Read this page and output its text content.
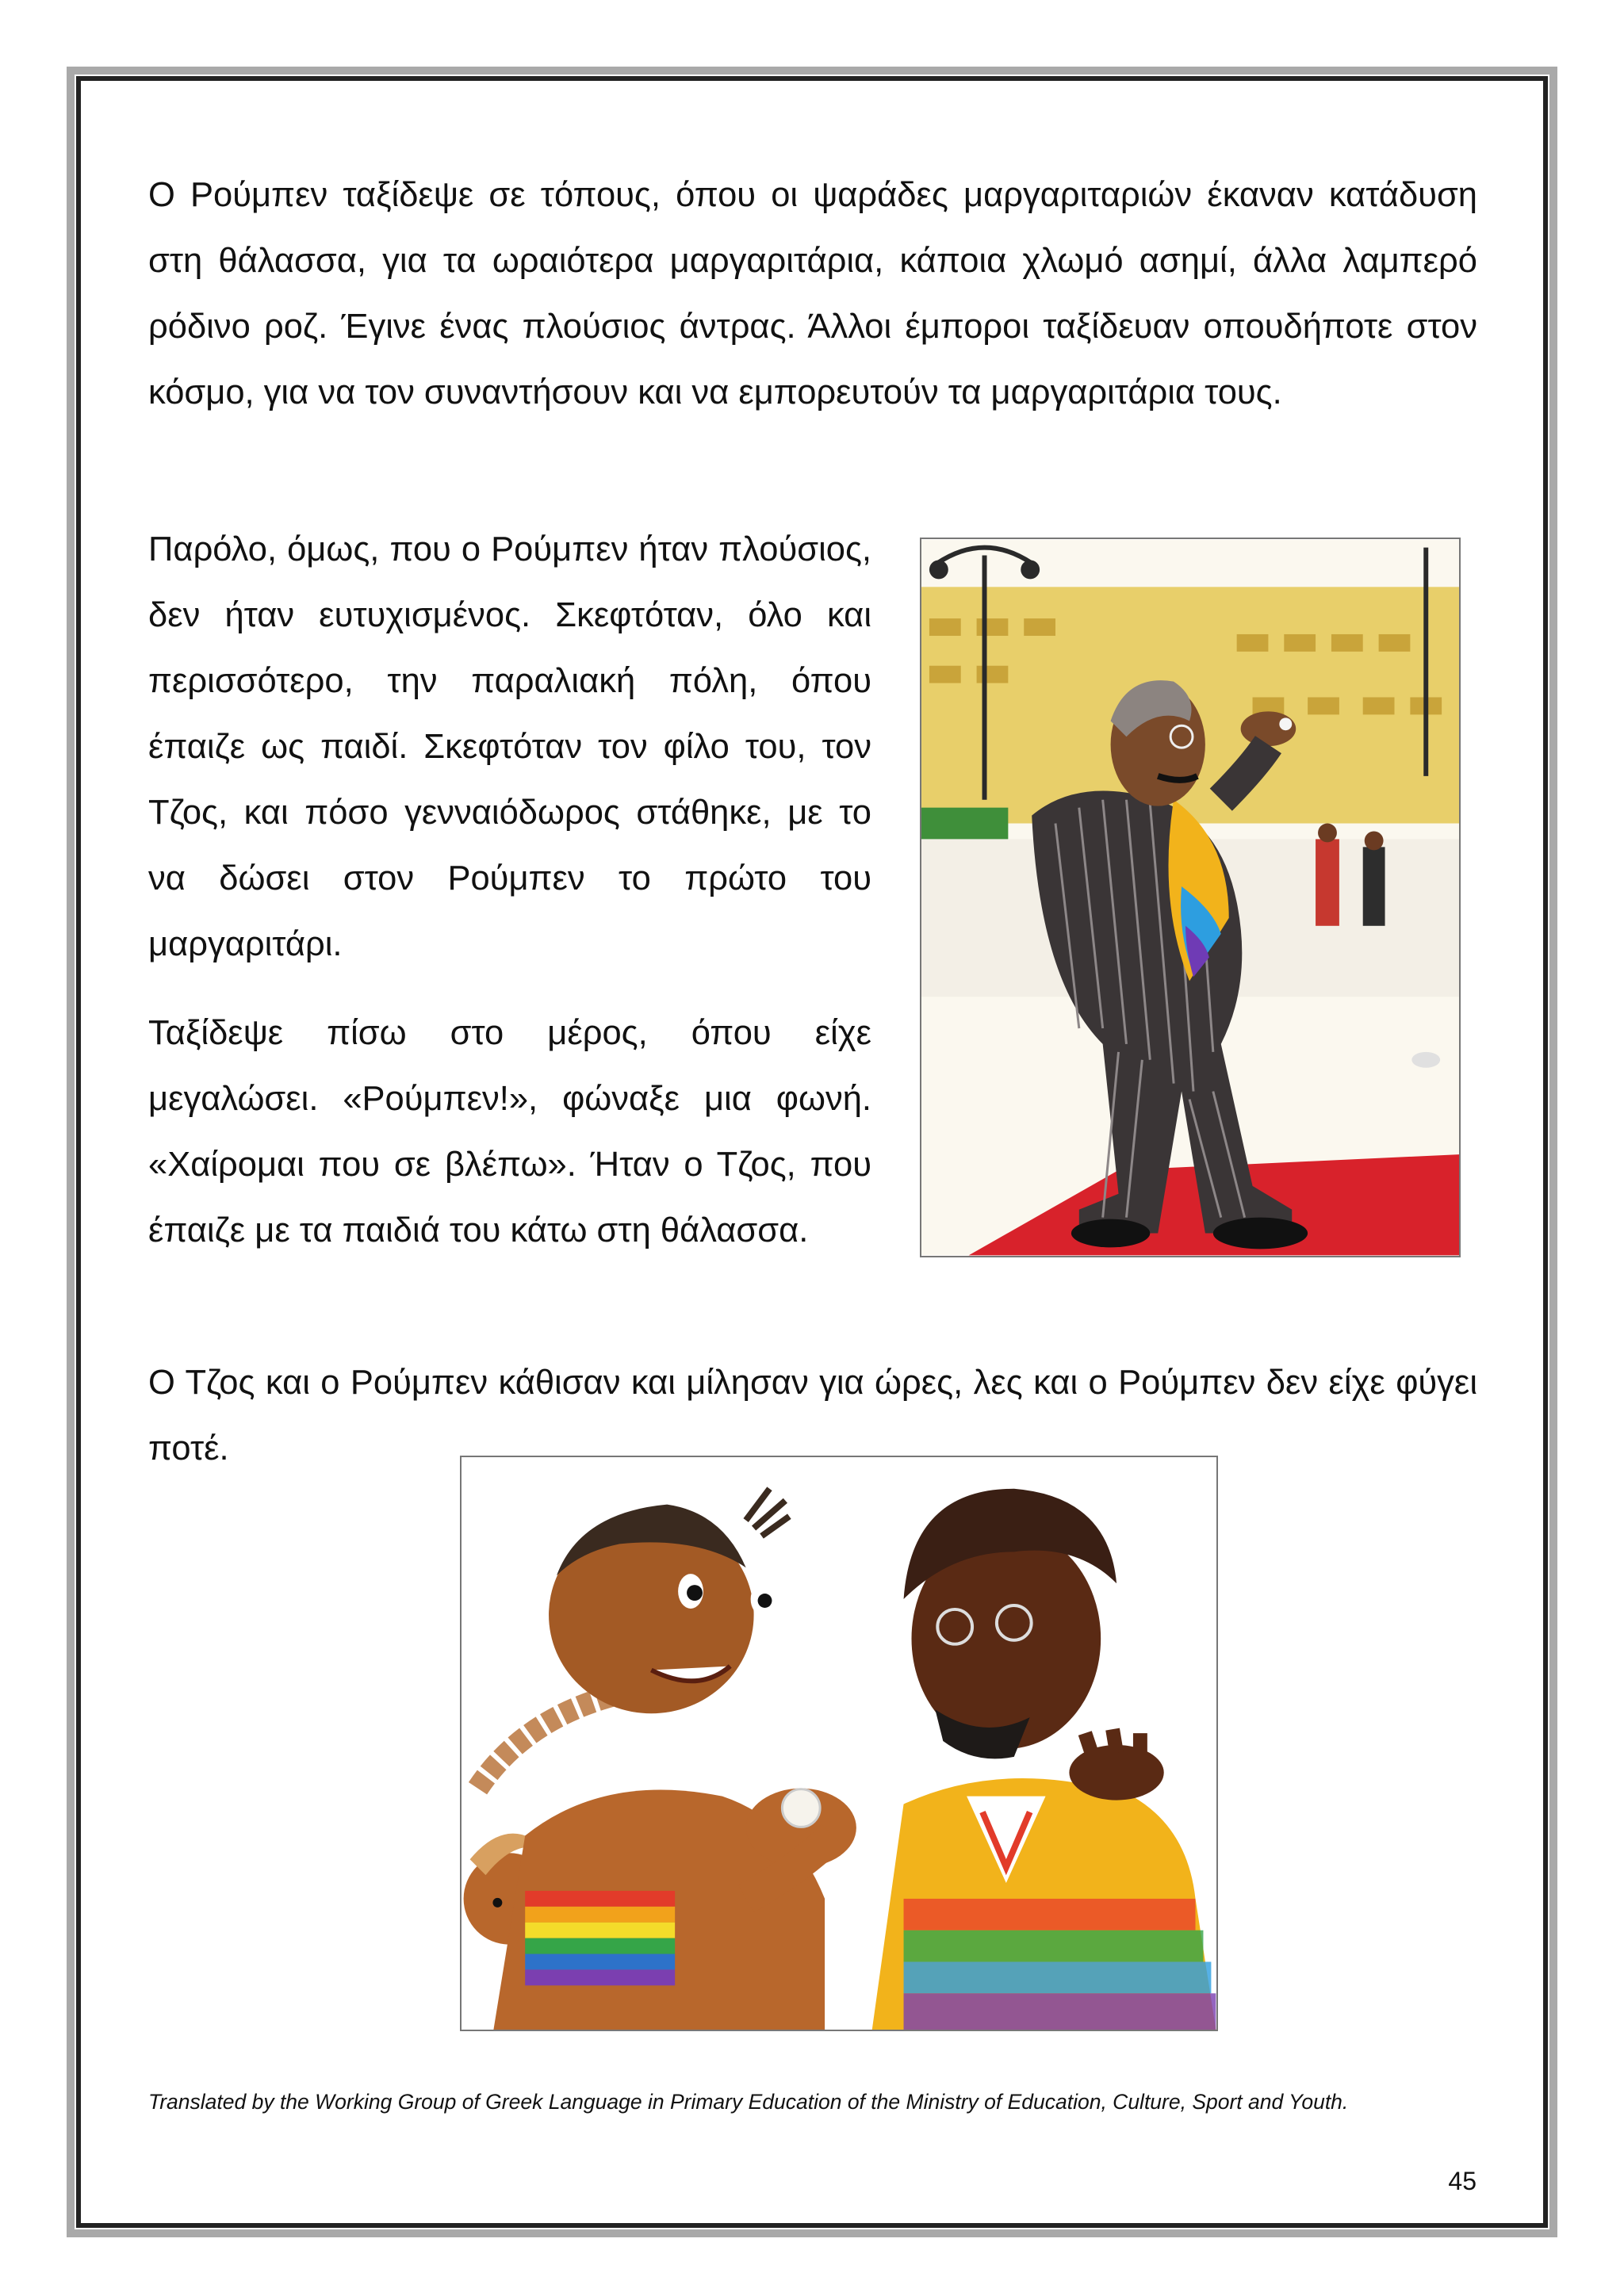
Ο Ρούμπεν ταξίδεψε σε τόπους, όπου οι ψαράδες μαργαριταριών έκαναν κατάδυση στη θάλασσα, για τα ωραιότερα μαργαριτάρια, κάποια χλωμό ασημί, άλλα λαμπερό ρόδινο ροζ. Έγινε ένας πλούσιος άντρας. Άλλοι έμποροι ταξίδευαν οπουδήποτε στον κόσμο, για να τον συναντήσουν και να εμπορευτούν τα μαργαριτάρια τους.

Παρόλο, όμως, που ο Ρούμπεν ήταν πλούσιος, δεν ήταν ευτυχισμένος. Σκεφτόταν, όλο και περισσότερο, την παραλιακή πόλη, όπου έπαιζε ως παιδί. Σκεφτόταν τον φίλο του, τον Τζος, και πόσο γενναιόδωρος στάθηκε, με το να δώσει στον Ρούμπεν το πρώτο του μαργαριτάρι.

Ταξίδεψε πίσω στο μέρος, όπου είχε μεγαλώσει. «Ρούμπεν!», φώναξε μια φωνή. «Χαίρομαι που σε βλέπω». Ήταν ο Τζος, που έπαιζε με τα παιδιά του κάτω στη θάλασσα.

Ο Τζος και ο Ρούμπεν κάθισαν και μίλησαν για ώρες, λες και ο Ρούμπεν δεν είχε φύγει ποτέ.

Translated by the Working Group of Greek Language in Primary Education of the Ministry of Education, Culture, Sport and Youth.

45
